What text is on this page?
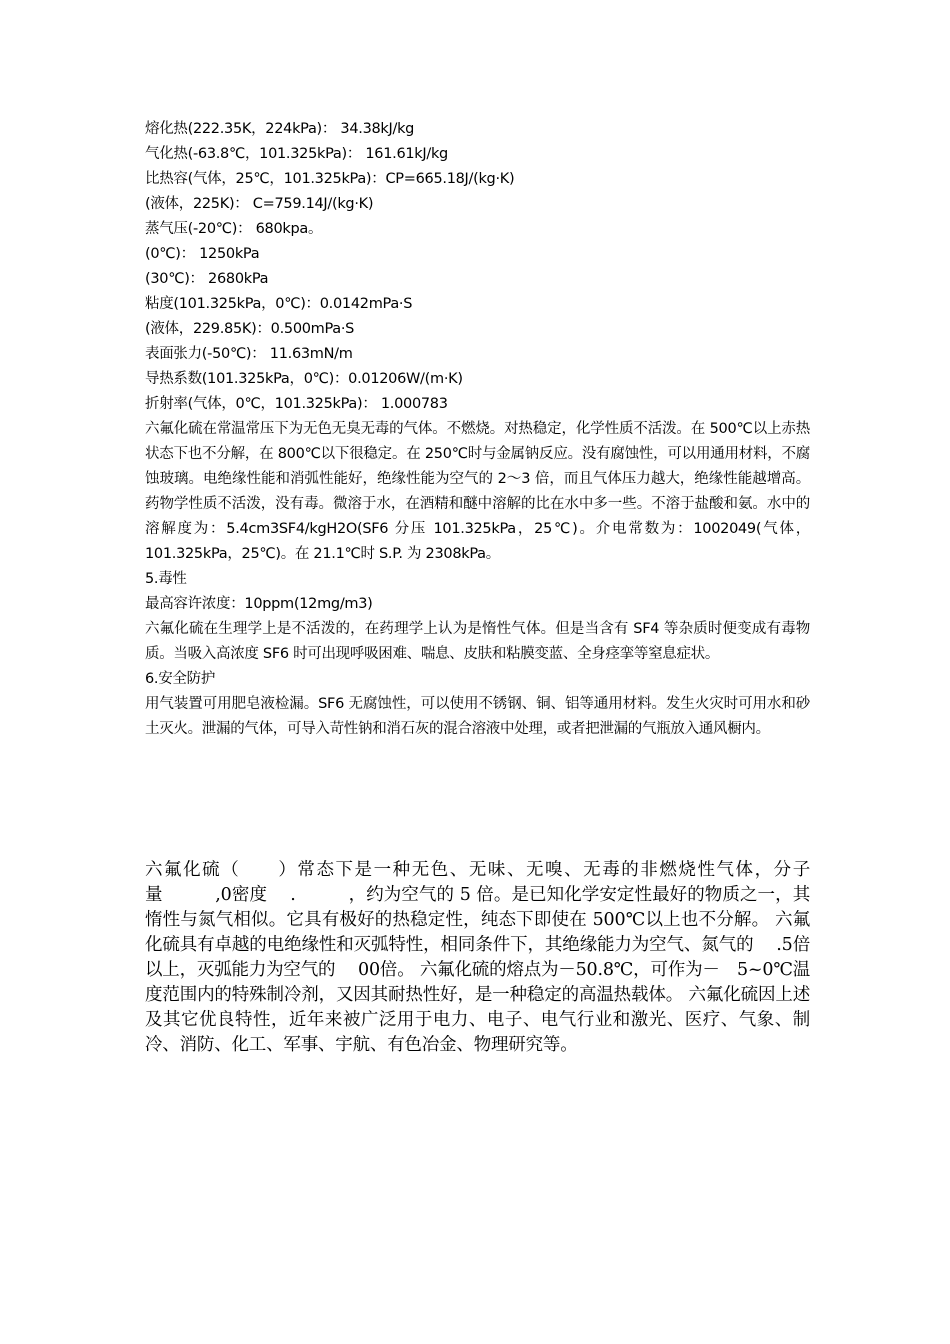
熔化热(222.35K，224kPa)： 34.38kJ/kg

气化热(-63.8℃，101.325kPa)： 161.61kJ/kg

比热容(气体，25℃，101.325kPa)：CP=665.18J/(kg·K)

(液体，225K)： C=759.14J/(kg·K)

蒸气压(-20℃)： 680kpa。

(0℃)： 1250kPa

(30℃)： 2680kPa

粘度(101.325kPa，0℃)：0.0142mPa·S

(液体，229.85K)：0.500mPa·S

表面张力(-50℃)： 11.63mN/m

导热系数(101.325kPa，0℃)：0.01206W/(m·K)

折射率(气体，0℃，101.325kPa)： 1.000783

六氟化硫在常温常压下为无色无臭无毒的气体。不燃烧。对热稳定，化学性质不活泼。在 500℃以上赤热状态下也不分解，在 800℃以下很稳定。在 250℃时与金属钠反应。没有腐蚀性，可以用通用材料，不腐蚀玻璃。电绝缘性能和消弧性能好，绝缘性能为空气的 2～3 倍，而且气体压力越大，绝缘性能越增高。药物学性质不活泼，没有毒。微溶于水，在酒精和醚中溶解的比在水中多一些。不溶于盐酸和氨。水中的溶解度为：5.4cm3SF4/kgH2O(SF6 分压 101.325kPa，25℃)。介电常数为：1002049(气体，101.325kPa，25℃)。在 21.1℃时 S.P. 为 2308kPa。

5.毒性

最高容许浓度：10ppm(12mg/m3)

六氟化硫在生理学上是不活泼的，在药理学上认为是惰性气体。但是当含有 SF4 等杂质时便变成有毒物质。当吸入高浓度 SF6 时可出现呼吸困难、喘息、皮肤和粘膜变蓝、全身痉挛等窒息症状。

6.安全防护

用气装置可用肥皂液检漏。SF6 无腐蚀性，可以使用不锈钢、铜、铝等通用材料。发生火灾时可用水和砂土灭火。泄漏的气体，可导入苛性钠和消石灰的混合溶液中处理，或者把泄漏的气瓶放入通风橱内。

六氟化硫（　　）常态下是一种无色、无味、无嗅、无毒的非燃烧性气体，分子量　　　,0密度　 .　　　，约为空气的 5 倍。是已知化学安定性最好的物质之一，其惰性与氮气相似。它具有极好的热稳定性，纯态下即使在 500℃以上也不分解。 六氟化硫具有卓越的电绝缘性和灭弧特性，相同条件下，其绝缘能力为空气、氮气的　 .5倍以上，灭弧能力为空气的　 00倍。 六氟化硫的熔点为－50.8℃，可作为－　5~0℃温度范围内的特殊制冷剂，又因其耐热性好，是一种稳定的高温热载体。 六氟化硫因上述及其它优良特性，近年来被广泛用于电力、电子、电气行业和激光、医疗、气象、制冷、消防、化工、军事、宇航、有色冶金、物理研究等。
